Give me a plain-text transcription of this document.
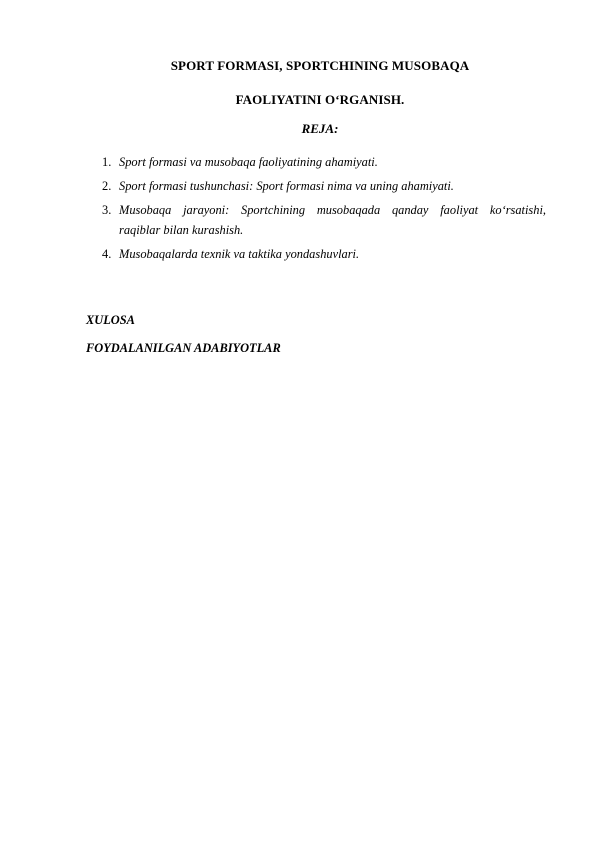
SPORT FORMASI, SPORTCHINING MUSOBAQA
FAOLIYATINI O‘RGANISH.
REJA:
1. Sport formasi va musobaqa faoliyatining ahamiyati.
2. Sport formasi tushunchasi: Sport formasi nima va uning ahamiyati.
3. Musobaqa jarayoni: Sportchining musobaqada qanday faoliyat ko‘rsatishi,
raqiblar bilan kurashish.
4. Musobaqalarda texnik va taktika yondashuvlari.
XULOSA
FOYDALANILGAN ADABIYOTLAR
